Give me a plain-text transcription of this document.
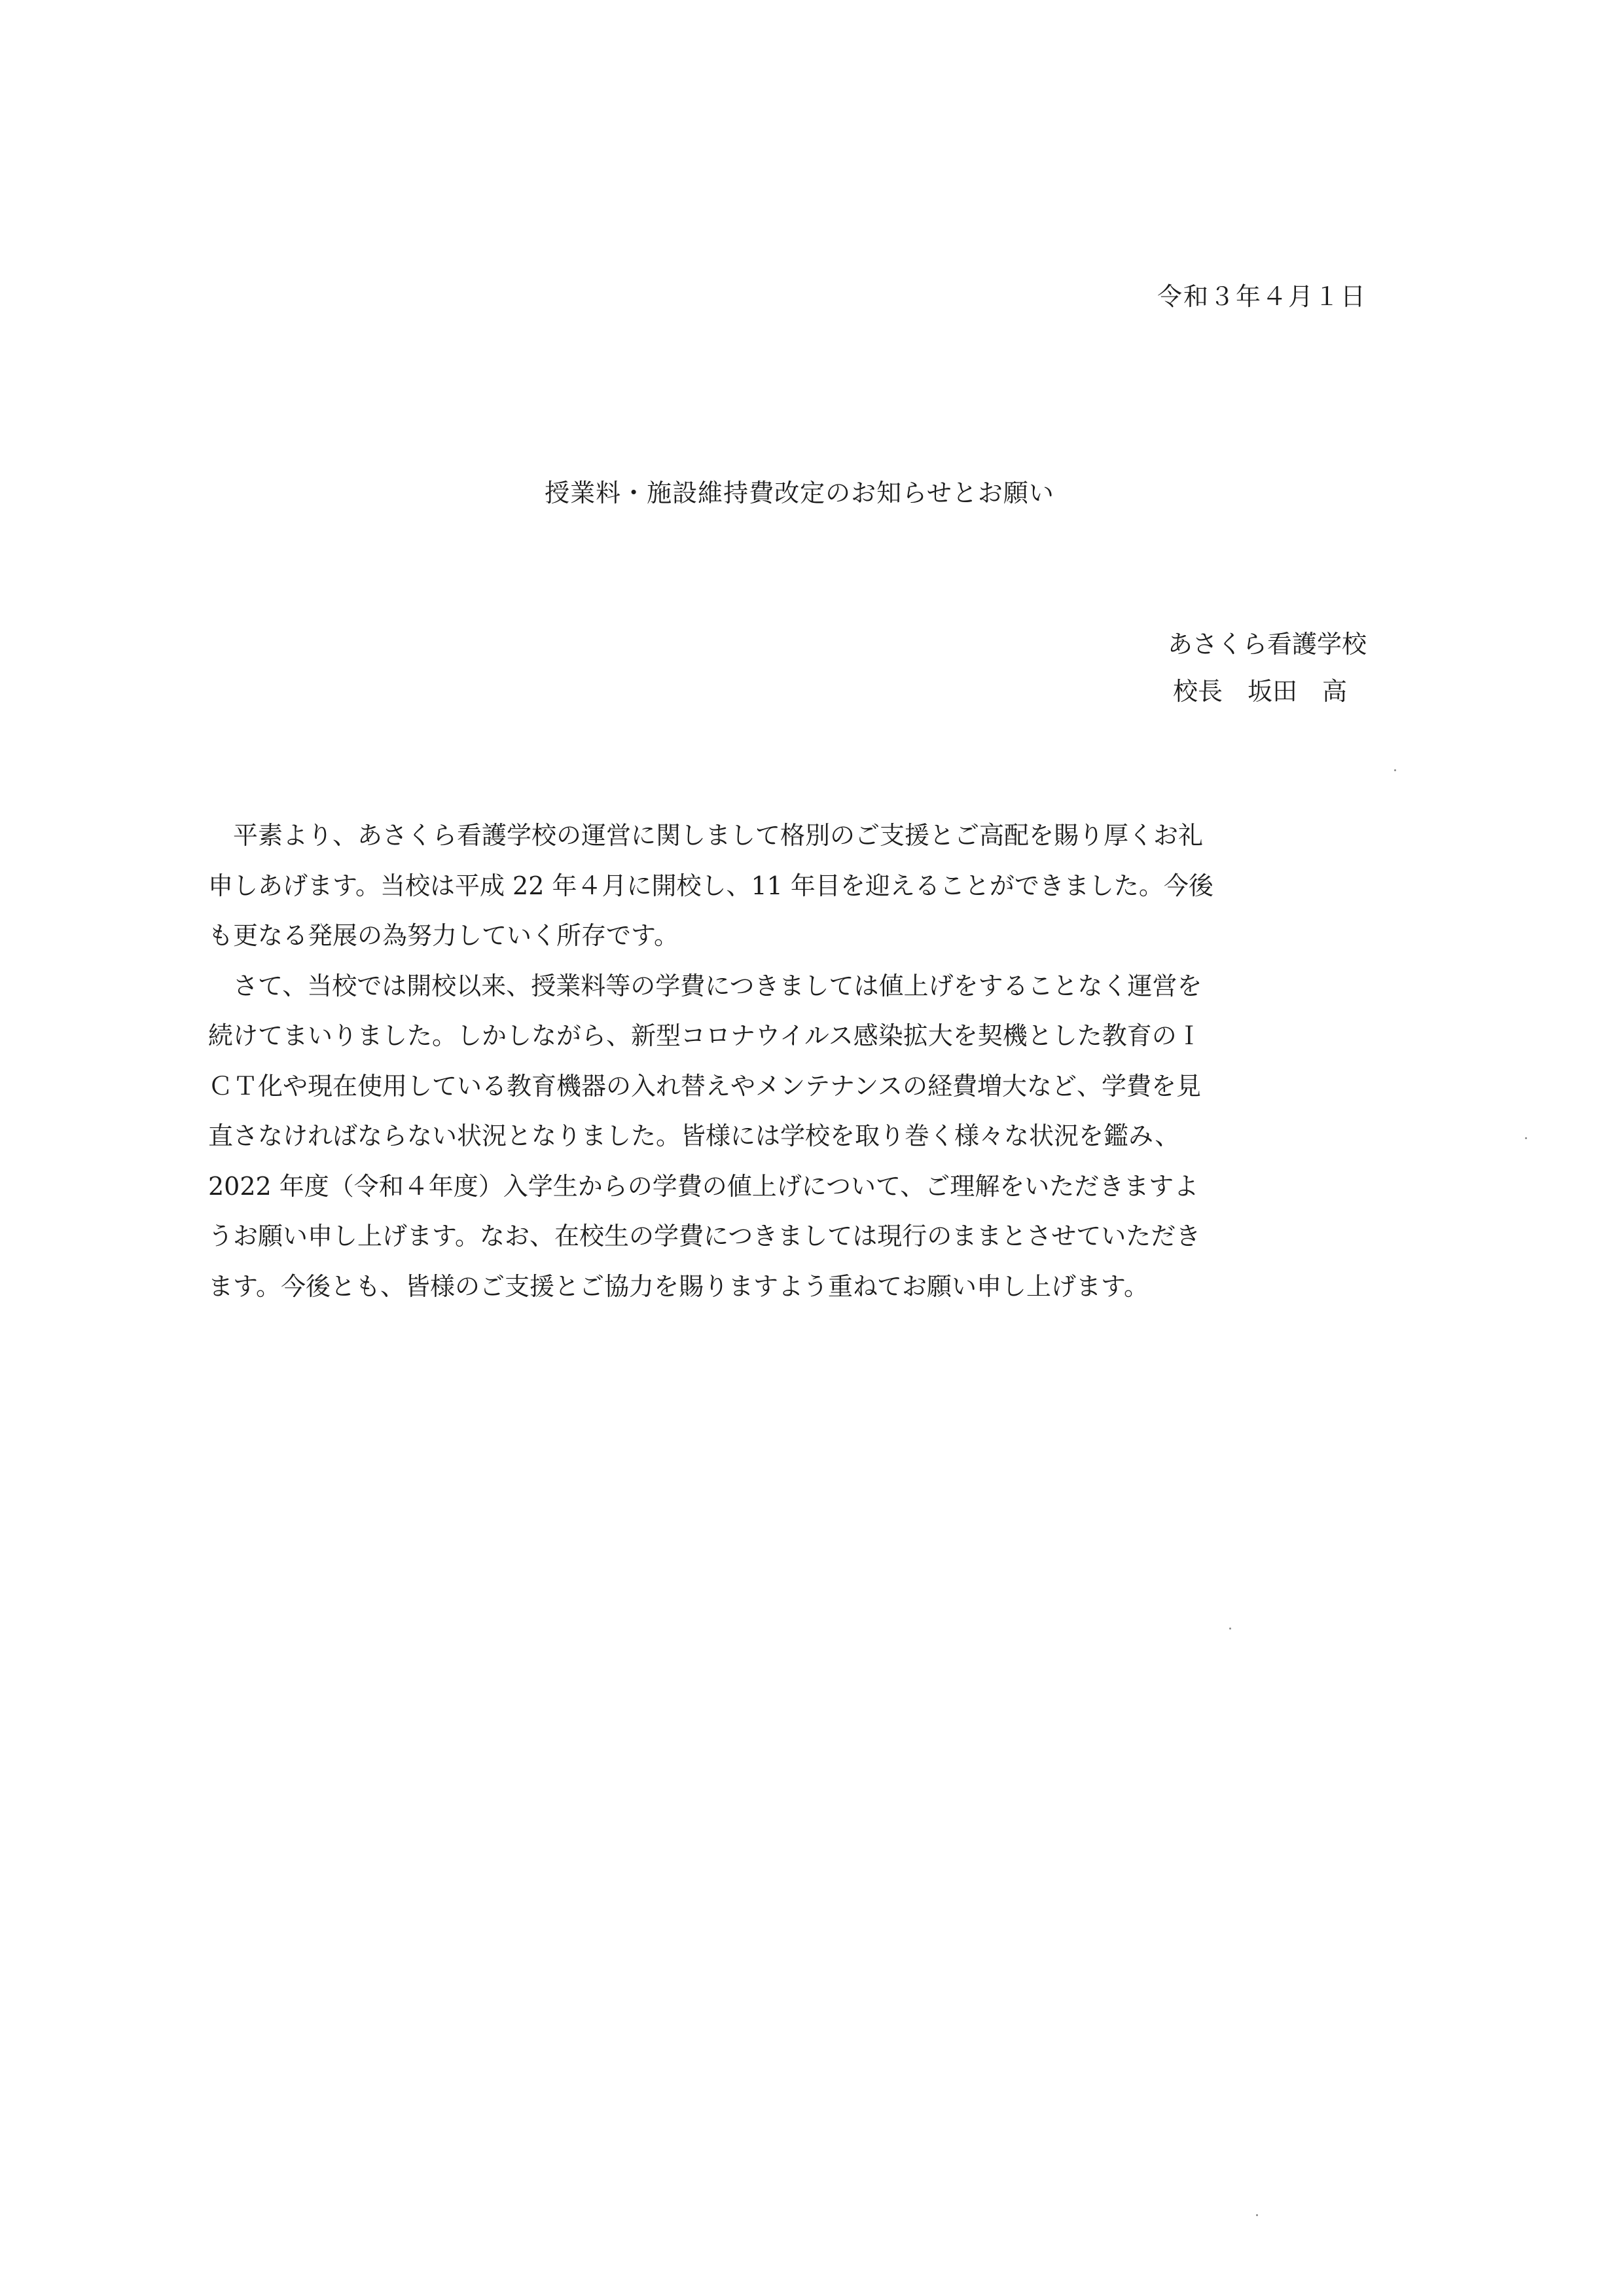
令和３年４月１日
授業料・施設維持費改定のお知らせとお願い
あさくら看護学校
校長　坂田　高
　平素より、あさくら看護学校の運営に関しまして格別のご支援とご高配を賜り厚くお礼
申しあげます。当校は平成 22 年４月に開校し、11 年目を迎えることができました。今後
も更なる発展の為努力していく所存です。
　さて、当校では開校以来、授業料等の学費につきましては値上げをすることなく運営を
続けてまいりました。しかしながら、新型コロナウイルス感染拡大を契機とした教育のＩ
ＣＴ化や現在使用している教育機器の入れ替えやメンテナンスの経費増大など、学費を見
直さなければならない状況となりました。皆様には学校を取り巻く様々な状況を鑑み、
2022 年度（令和４年度）入学生からの学費の値上げについて、ご理解をいただきますよ
うお願い申し上げます。なお、在校生の学費につきましては現行のままとさせていただき
ます。今後とも、皆様のご支援とご協力を賜りますよう重ねてお願い申し上げます。
